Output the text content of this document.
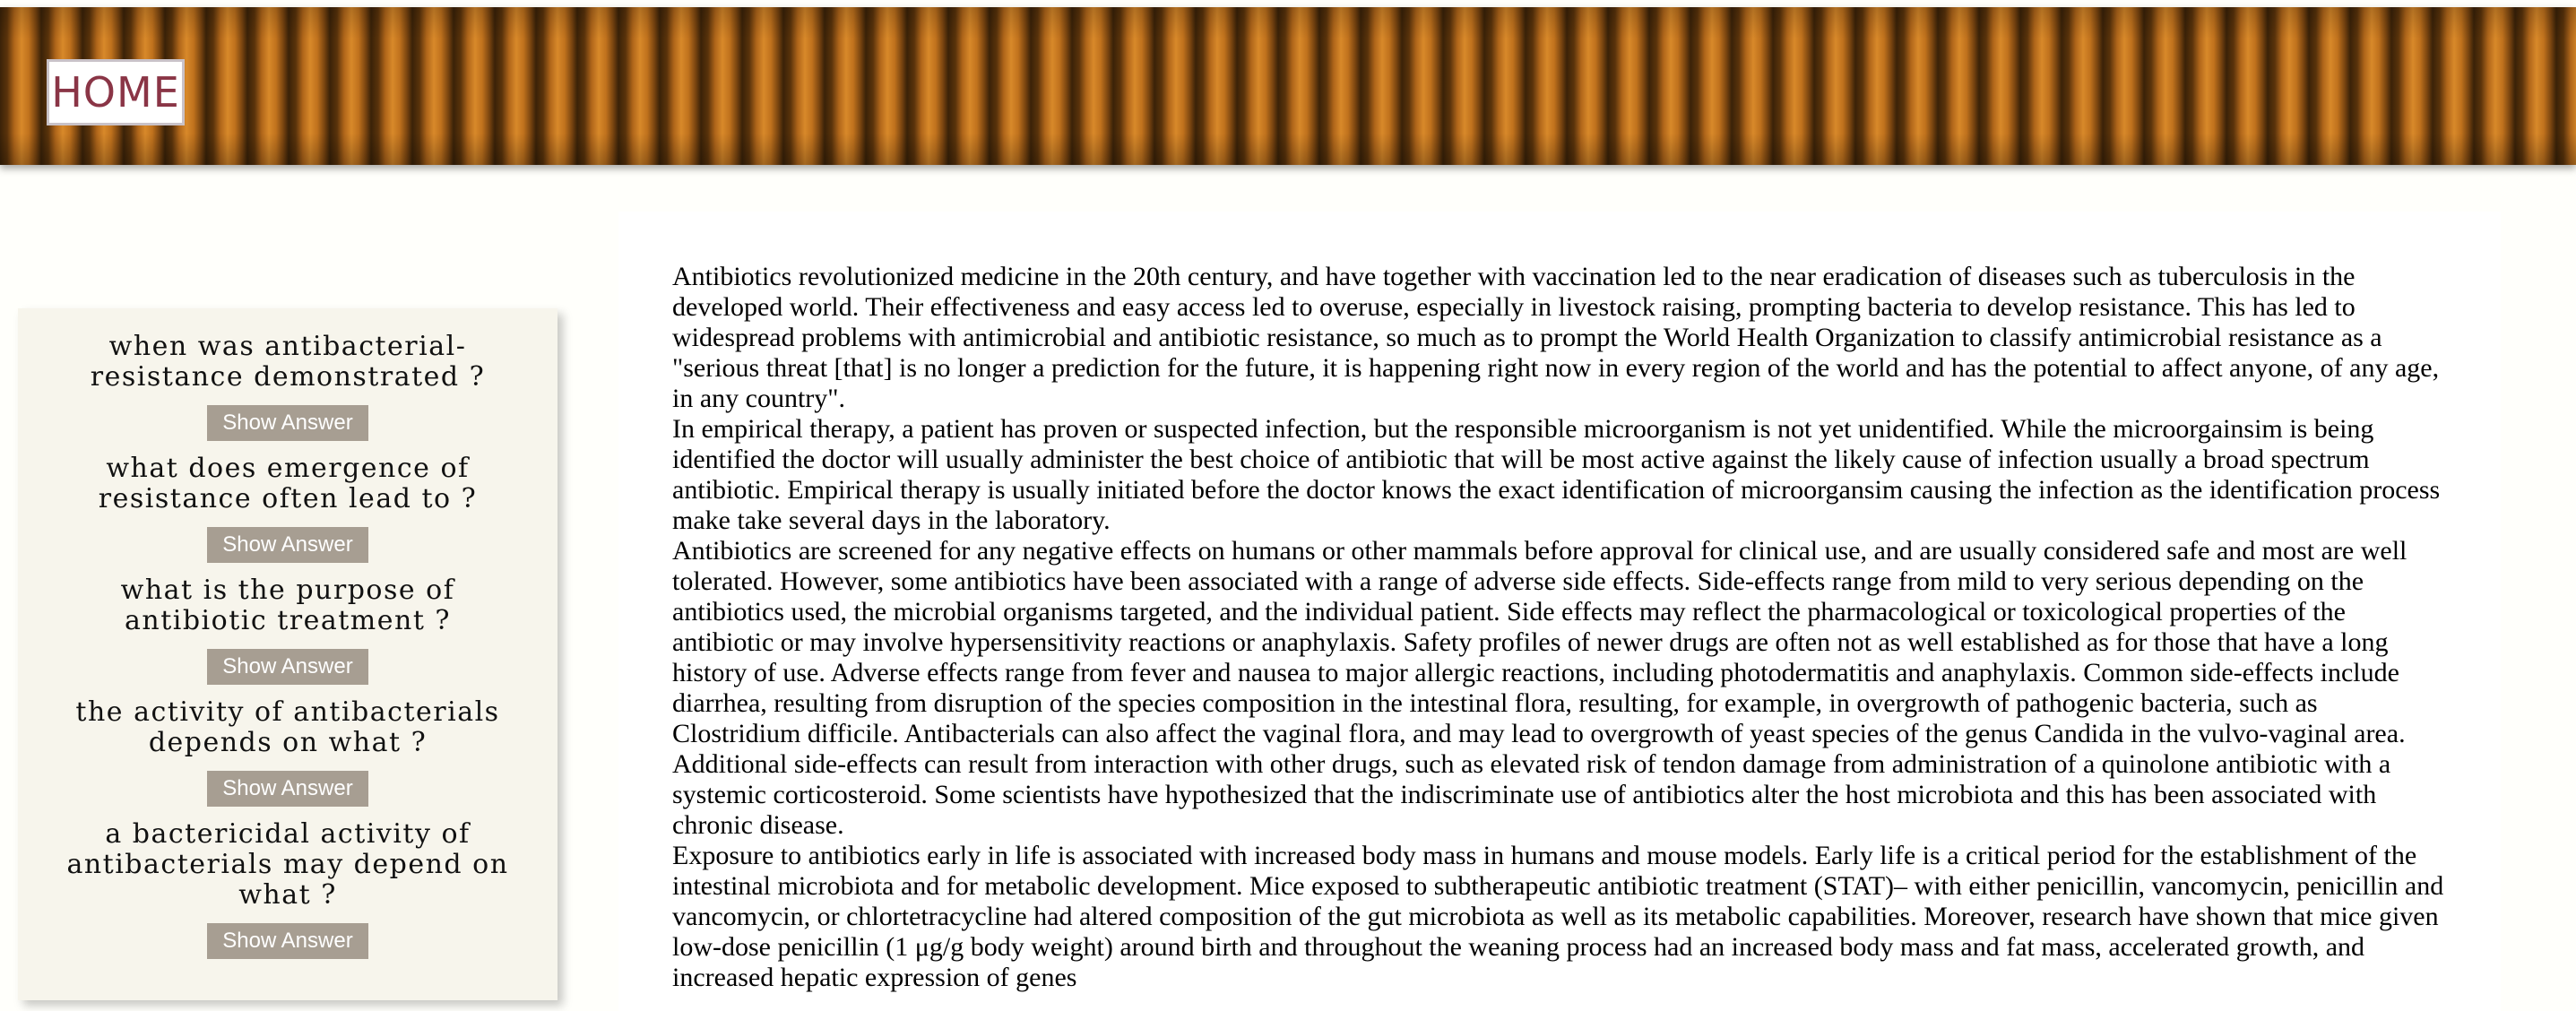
HOME
when was antibacterial-resistance demonstrated ?
Show Answer
what does emergence of resistance often lead to ?
Show Answer
what is the purpose of antibiotic treatment ?
Show Answer
the activity of antibacterials depends on what ?
Show Answer
a bactericidal activity of antibacterials may depend on what ?
Show Answer

Antibiotics revolutionized medicine in the 20th century, and have together with vaccination led to the near eradication of diseases such as tuberculosis in the developed world. Their effectiveness and easy access led to overuse, especially in livestock raising, prompting bacteria to develop resistance. This has led to widespread problems with antimicrobial and antibiotic resistance, so much as to prompt the World Health Organization to classify antimicrobial resistance as a "serious threat [that] is no longer a prediction for the future, it is happening right now in every region of the world and has the potential to affect anyone, of any age, in any country".

In empirical therapy, a patient has proven or suspected infection, but the responsible microorganism is not yet unidentified. While the microorgainsim is being identified the doctor will usually administer the best choice of antibiotic that will be most active against the likely cause of infection usually a broad spectrum antibiotic. Empirical therapy is usually initiated before the doctor knows the exact identification of microorgansim causing the infection as the identification process make take several days in the laboratory.

Antibiotics are screened for any negative effects on humans or other mammals before approval for clinical use, and are usually considered safe and most are well tolerated. However, some antibiotics have been associated with a range of adverse side effects. Side-effects range from mild to very serious depending on the antibiotics used, the microbial organisms targeted, and the individual patient. Side effects may reflect the pharmacological or toxicological properties of the antibiotic or may involve hypersensitivity reactions or anaphylaxis. Safety profiles of newer drugs are often not as well established as for those that have a long history of use. Adverse effects range from fever and nausea to major allergic reactions, including photodermatitis and anaphylaxis. Common side-effects include diarrhea, resulting from disruption of the species composition in the intestinal flora, resulting, for example, in overgrowth of pathogenic bacteria, such as Clostridium difficile. Antibacterials can also affect the vaginal flora, and may lead to overgrowth of yeast species of the genus Candida in the vulvo-vaginal area. Additional side-effects can result from interaction with other drugs, such as elevated risk of tendon damage from administration of a quinolone antibiotic with a systemic corticosteroid. Some scientists have hypothesized that the indiscriminate use of antibiotics alter the host microbiota and this has been associated with chronic disease.

Exposure to antibiotics early in life is associated with increased body mass in humans and mouse models. Early life is a critical period for the establishment of the intestinal microbiota and for metabolic development. Mice exposed to subtherapeutic antibiotic treatment (STAT)– with either penicillin, vancomycin, penicillin and vancomycin, or chlortetracycline had altered composition of the gut microbiota as well as its metabolic capabilities. Moreover, research have shown that mice given low-dose penicillin (1 μg/g body weight) around birth and throughout the weaning process had an increased body mass and fat mass, accelerated growth, and increased hepatic expression of genes
